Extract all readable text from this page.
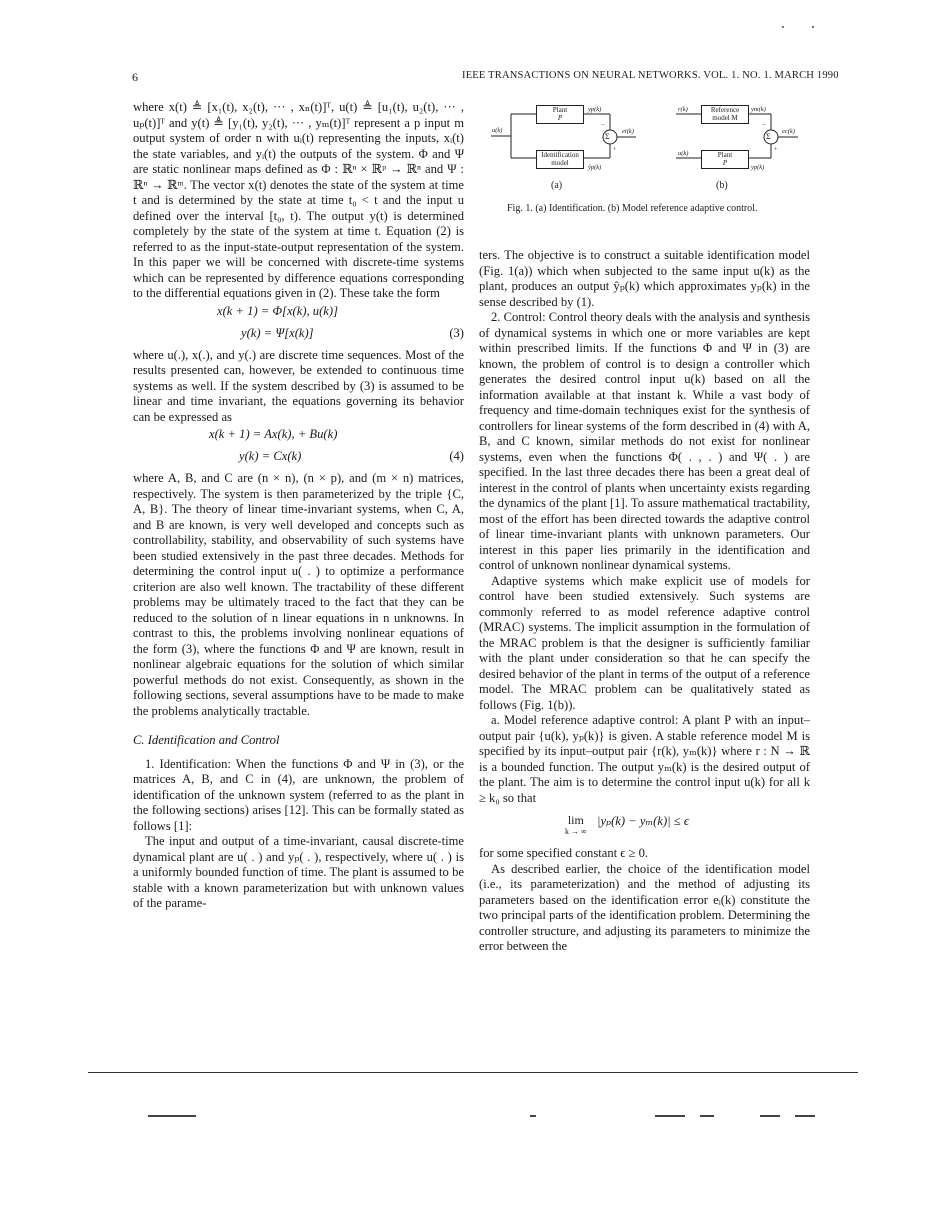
6	IEEE TRANSACTIONS ON NEURAL NETWORKS. VOL. 1. NO. 1. MARCH 1990
Plant
P
Identification model
Reference model M
Plant
P
Σ	Σ
u(k)
yp(k)
ŷp(k)
ei(k)
−
+
r(k)	ym(k)
u(k)
yp(k)
ec(k)
−
+
(a)	(b)
Fig. 1. (a) Identification. (b) Model reference adaptive control.

where x(t) ≜ [x₁(t), x₂(t), ··· , xₙ(t)]ᵀ, u(t) ≜ [u₁(t), u₂(t), ··· , uₚ(t)]ᵀ and y(t) ≜ [y₁(t), y₂(t), ··· , yₘ(t)]ᵀ represent a p input m output system of order n with uᵢ(t) representing the inputs, xᵢ(t) the state variables, and yᵢ(t) the outputs of the system. Φ and Ψ are static nonlinear maps defined as Φ : ℝⁿ × ℝᵖ → ℝⁿ and Ψ : ℝⁿ → ℝᵐ. The vector x(t) denotes the state of the system at time t and is determined by the state at time t₀ < t and the input u defined over the interval [t₀, t). The output y(t) is determined completely by the state of the system at time t. Equation (2) is referred to as the input-state-output representation of the system. In this paper we will be concerned with discrete-time systems which can be represented by difference equations corresponding to the differential equations given in (2). These take the form

x(k + 1) = Φ[x(k), u(k)]
y(k) = Ψ[x(k)]	(3)

where u(.), x(.), and y(.) are discrete time sequences. Most of the results presented can, however, be extended to continuous time systems as well. If the system described by (3) is assumed to be linear and time invariant, the equations governing its behavior can be expressed as

x(k + 1) = Ax(k), + Bu(k)
y(k) = Cx(k)	(4)

where A, B, and C are (n × n), (n × p), and (m × n) matrices, respectively. The system is then parameterized by the triple {C, A, B}. The theory of linear time-invariant systems, when C, A, and B are known, is very well developed and concepts such as controllability, stability, and observability of such systems have been studied extensively in the past three decades. Methods for determining the control input u( . ) to optimize a performance criterion are also well known. The tractability of these different problems may be ultimately traced to the fact that they can be reduced to the solution of n linear equations in n unknowns. In contrast to this, the problems involving nonlinear equations of the form (3), where the functions Φ and Ψ are known, result in nonlinear algebraic equations for the solution of which similar powerful methods do not exist. Consequently, as shown in the following sections, several assumptions have to be made to make the problems analytically tractable.

C. Identification and Control

1. Identification: When the functions Φ and Ψ in (3), or the matrices A, B, and C in (4), are unknown, the problem of identification of the unknown system (referred to as the plant in the following sections) arises [12]. This can be formally stated as follows [1]:

The input and output of a time-invariant, causal discrete-time dynamical plant are u( . ) and yₚ( . ), respectively, where u( . ) is a uniformly bounded function of time. The plant is assumed to be stable with a known parameterization but with unknown values of the parame-

ters. The objective is to construct a suitable identification model (Fig. 1(a)) which when subjected to the same input u(k) as the plant, produces an output ŷₚ(k) which approximates yₚ(k) in the sense described by (1).

2. Control: Control theory deals with the analysis and synthesis of dynamical systems in which one or more variables are kept within prescribed limits. If the functions Φ and Ψ in (3) are known, the problem of control is to design a controller which generates the desired control input u(k) based on all the information available at that instant k. While a vast body of frequency and time-domain techniques exist for the synthesis of controllers for linear systems of the form described in (4) with A, B, and C known, similar methods do not exist for nonlinear systems, even when the functions Φ( . , . ) and Ψ( . ) are specified. In the last three decades there has been a great deal of interest in the control of plants when uncertainty exists regarding the dynamics of the plant [1]. To assure mathematical tractability, most of the effort has been directed towards the adaptive control of linear time-invariant plants with unknown parameters. Our interest in this paper lies primarily in the identification and control of unknown nonlinear dynamical systems.

Adaptive systems which make explicit use of models for control have been studied extensively. Such systems are commonly referred to as model reference adaptive control (MRAC) systems. The implicit assumption in the formulation of the MRAC problem is that the designer is sufficiently familiar with the plant under consideration so that he can specify the desired behavior of the plant in terms of the output of a reference model. The MRAC problem can be qualitatively stated as follows (Fig. 1(b)).

a. Model reference adaptive control: A plant P with an input–output pair {u(k), yₚ(k)} is given. A stable reference model M is specified by its input–output pair {r(k), yₘ(k)} where r : N → ℝ is a bounded function. The output yₘ(k) is the desired output of the plant. The aim is to determine the control input u(k) for all k ≥ k₀ so that

lim
k → ∞
|yₚ(k) − yₘ(k)| ≤ ϵ

for some specified constant ϵ ≥ 0.

As described earlier, the choice of the identification model (i.e., its parameterization) and the method of adjusting its parameters based on the identification error eᵢ(k) constitute the two principal parts of the identification problem. Determining the controller structure, and adjusting its parameters to minimize the error between the
